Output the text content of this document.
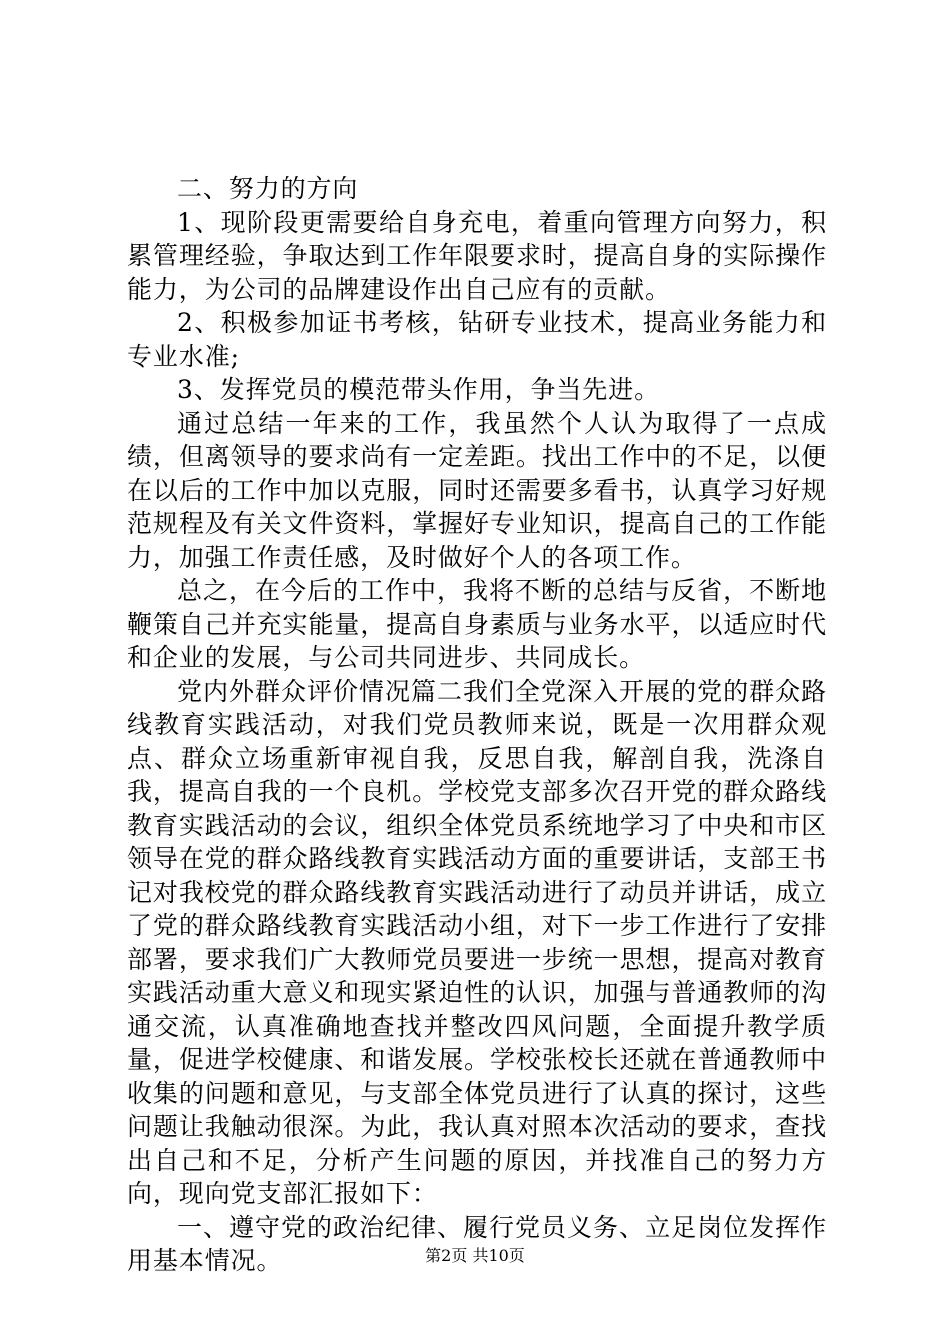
二、努力的方向

1、现阶段更需要给自身充电，着重向管理方向努力，积累管理经验，争取达到工作年限要求时，提高自身的实际操作能力，为公司的品牌建设作出自己应有的贡献。

2、积极参加证书考核，钻研专业技术，提高业务能力和专业水准;

3、发挥党员的模范带头作用，争当先进。

通过总结一年来的工作，我虽然个人认为取得了一点成绩，但离领导的要求尚有一定差距。找出工作中的不足，以便在以后的工作中加以克服，同时还需要多看书，认真学习好规范规程及有关文件资料，掌握好专业知识，提高自己的工作能力，加强工作责任感，及时做好个人的各项工作。

总之，在今后的工作中，我将不断的总结与反省，不断地鞭策自己并充实能量，提高自身素质与业务水平，以适应时代和企业的发展，与公司共同进步、共同成长。

党内外群众评价情况篇二我们全党深入开展的党的群众路线教育实践活动，对我们党员教师来说，既是一次用群众观点、群众立场重新审视自我，反思自我，解剖自我，洗涤自我，提高自我的一个良机。学校党支部多次召开党的群众路线教育实践活动的会议，组织全体党员系统地学习了中央和市区领导在党的群众路线教育实践活动方面的重要讲话，支部王书记对我校党的群众路线教育实践活动进行了动员并讲话，成立了党的群众路线教育实践活动小组，对下一步工作进行了安排部署，要求我们广大教师党员要进一步统一思想，提高对教育实践活动重大意义和现实紧迫性的认识，加强与普通教师的沟通交流，认真准确地查找并整改四风问题，全面提升教学质量，促进学校健康、和谐发展。学校张校长还就在普通教师中收集的问题和意见，与支部全体党员进行了认真的探讨，这些问题让我触动很深。为此，我认真对照本次活动的要求，查找出自己和不足，分析产生问题的原因，并找准自己的努力方向，现向党支部汇报如下：

一、遵守党的政治纪律、履行党员义务、立足岗位发挥作用基本情况。	第2页 共10页
